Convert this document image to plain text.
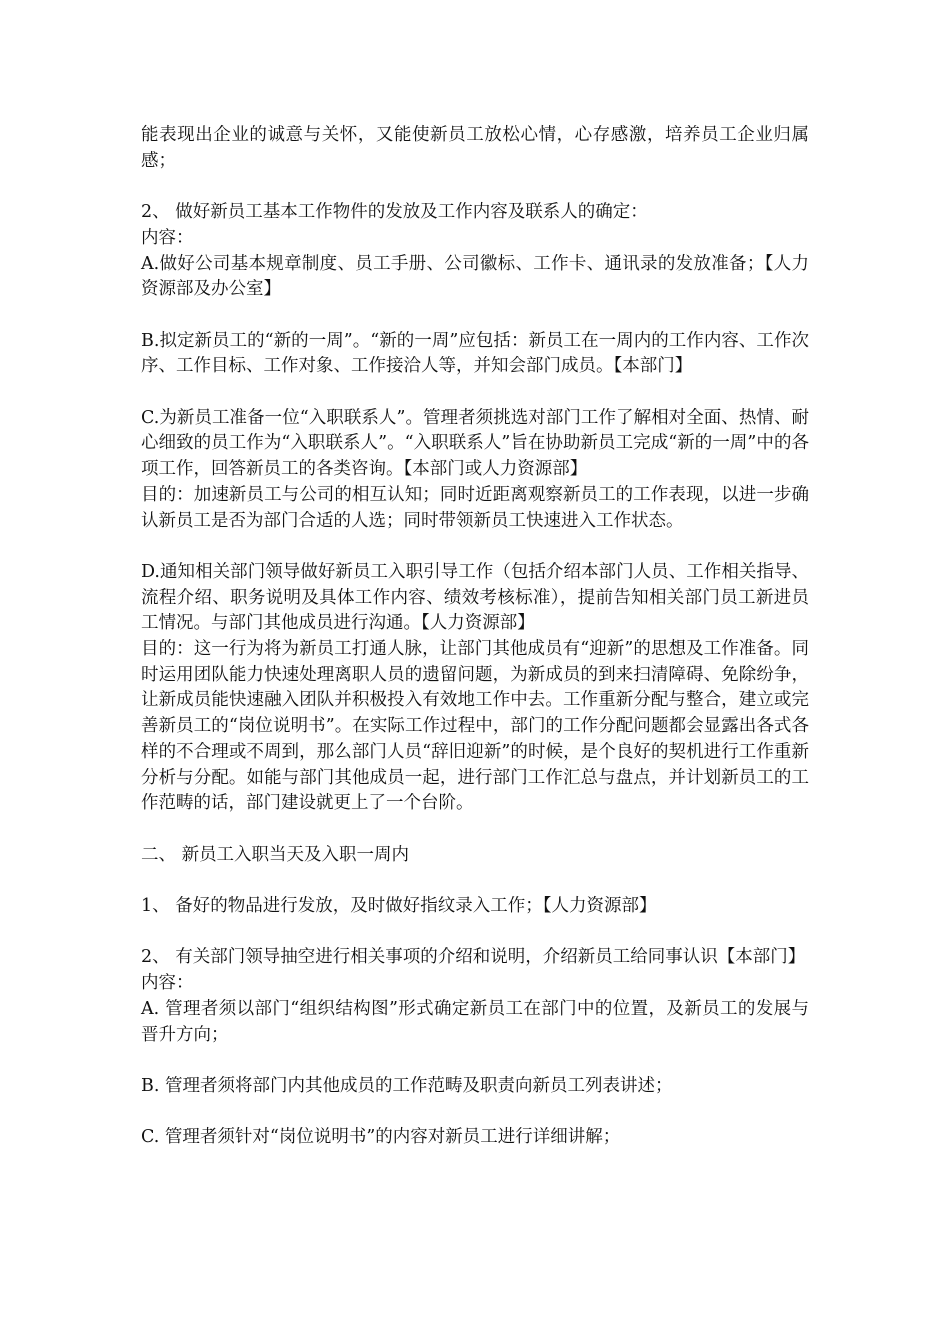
能表现出企业的诚意与关怀，又能使新员工放松心情，心存感激，培养员工企业归属感；

2、 做好新员工基本工作物件的发放及工作内容及联系人的确定：

内容：

A.做好公司基本规章制度、员工手册、公司徽标、工作卡、通讯录的发放准备；【人力资源部及办公室】

B.拟定新员工的“新的一周”。“新的一周”应包括：新员工在一周内的工作内容、工作次序、工作目标、工作对象、工作接洽人等，并知会部门成员。【本部门】

C.为新员工准备一位“入职联系人”。管理者须挑选对部门工作了解相对全面、热情、耐心细致的员工作为“入职联系人”。“入职联系人”旨在协助新员工完成“新的一周”中的各项工作，回答新员工的各类咨询。【本部门或人力资源部】

目的：加速新员工与公司的相互认知；同时近距离观察新员工的工作表现，以进一步确认新员工是否为部门合适的人选；同时带领新员工快速进入工作状态。

D.通知相关部门领导做好新员工入职引导工作（包括介绍本部门人员、工作相关指导、流程介绍、职务说明及具体工作内容、绩效考核标准），提前告知相关部门员工新进员工情况。与部门其他成员进行沟通。【人力资源部】

目的：这一行为将为新员工打通人脉，让部门其他成员有“迎新”的思想及工作准备。同时运用团队能力快速处理离职人员的遗留问题，为新成员的到来扫清障碍、免除纷争，让新成员能快速融入团队并积极投入有效地工作中去。工作重新分配与整合，建立或完善新员工的“岗位说明书”。在实际工作过程中，部门的工作分配问题都会显露出各式各样的不合理或不周到，那么部门人员“辞旧迎新”的时候，是个良好的契机进行工作重新分析与分配。如能与部门其他成员一起，进行部门工作汇总与盘点，并计划新员工的工作范畴的话，部门建设就更上了一个台阶。

二、 新员工入职当天及入职一周内

1、 备好的物品进行发放，及时做好指纹录入工作；【人力资源部】

2、 有关部门领导抽空进行相关事项的介绍和说明，介绍新员工给同事认识【本部门】

内容：

A. 管理者须以部门“组织结构图”形式确定新员工在部门中的位置，及新员工的发展与晋升方向；

B. 管理者须将部门内其他成员的工作范畴及职责向新员工列表讲述；

C. 管理者须针对“岗位说明书”的内容对新员工进行详细讲解；
